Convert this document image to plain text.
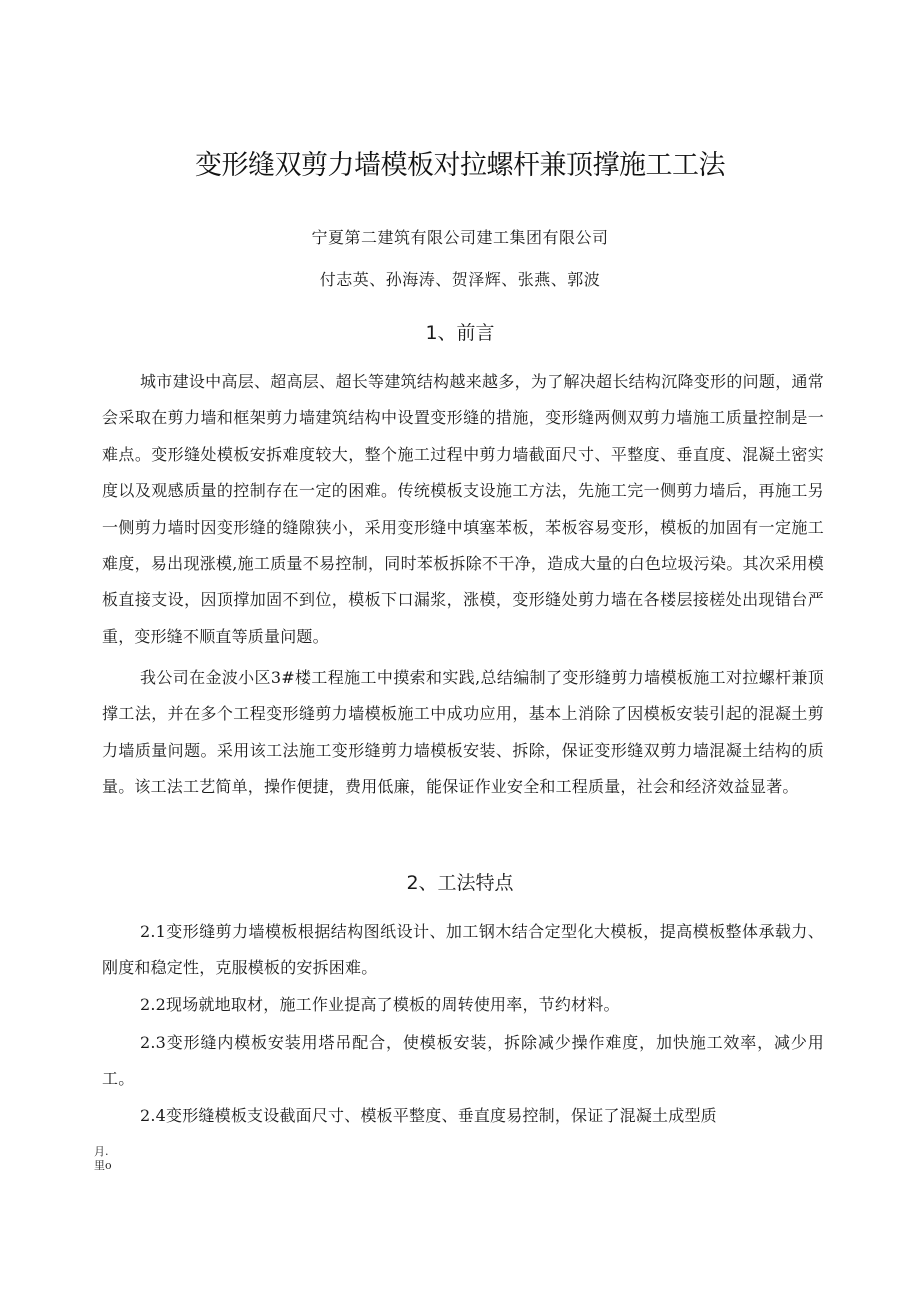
变形缝双剪力墙模板对拉螺杆兼顶撑施工工法

宁夏第二建筑有限公司建工集团有限公司

付志英、孙海涛、贺泽辉、张燕、郭波

1、前言

城市建设中高层、超高层、超长等建筑结构越来越多，为了解决超长结构沉降变形的问题，通常会采取在剪力墙和框架剪力墙建筑结构中设置变形缝的措施，变形缝两侧双剪力墙施工质量控制是一难点。变形缝处模板安拆难度较大，整个施工过程中剪力墙截面尺寸、平整度、垂直度、混凝土密实度以及观感质量的控制存在一定的困难。传统模板支设施工方法，先施工完一侧剪力墙后，再施工另一侧剪力墙时因变形缝的缝隙狭小，采用变形缝中填塞苯板，苯板容易变形，模板的加固有一定施工难度，易出现涨模,施工质量不易控制，同时苯板拆除不干净，造成大量的白色垃圾污染。其次采用模板直接支设，因顶撑加固不到位，模板下口漏浆，涨模，变形缝处剪力墙在各楼层接槎处出现错台严重，变形缝不顺直等质量问题。

我公司在金波小区3#楼工程施工中摸索和实践,总结编制了变形缝剪力墙模板施工对拉螺杆兼顶撑工法，并在多个工程变形缝剪力墙模板施工中成功应用，基本上消除了因模板安装引起的混凝土剪力墙质量问题。采用该工法施工变形缝剪力墙模板安装、拆除，保证变形缝双剪力墙混凝土结构的质量。该工法工艺简单，操作便捷，费用低廉，能保证作业安全和工程质量，社会和经济效益显著。

2、工法特点

2.1变形缝剪力墙模板根据结构图纸设计、加工钢木结合定型化大模板，提高模板整体承载力、刚度和稳定性，克服模板的安拆困难。

2.2现场就地取材，施工作业提高了模板的周转使用率，节约材料。

2.3变形缝内模板安装用塔吊配合，使模板安装，拆除减少操作难度，加快施工效率，减少用工。

2.4变形缝模板支设截面尺寸、模板平整度、垂直度易控制，保证了混凝土成型质

月.
里o
